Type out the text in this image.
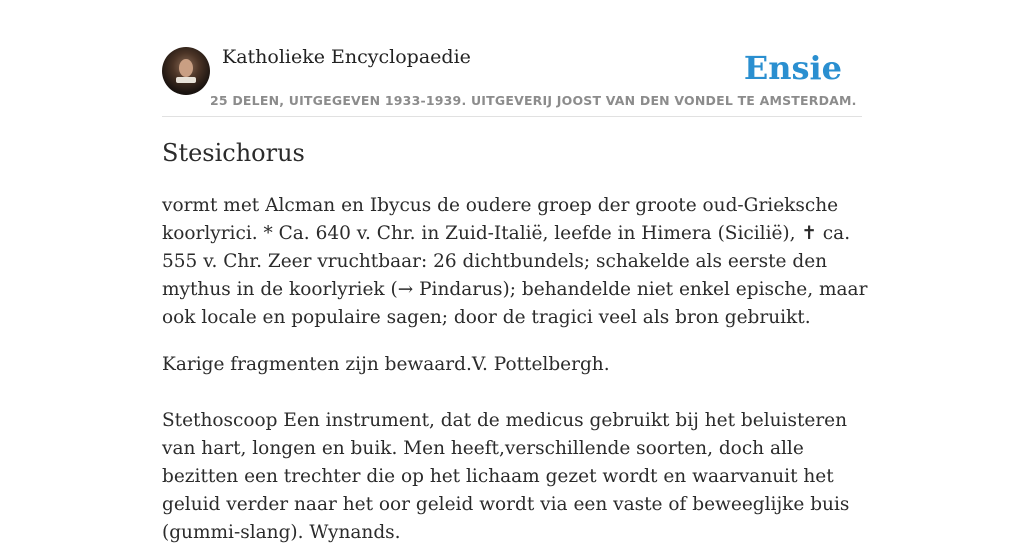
Katholieke Encyclopaedie	Ensie
25 DELEN, UITGEGEVEN 1933-1939. UITGEVERIJ JOOST VAN DEN VONDEL TE AMSTERDAM.
Stesichorus

vormt met Alcman en Ibycus de oudere groep der groote oud-Grieksche koorlyrici. * Ca. 640 v. Chr. in Zuid-Italië, leefde in Himera (Sicilië), ✝ ca. 555 v. Chr. Zeer vruchtbaar: 26 dichtbundels; schakelde als eerste den mythus in de koorlyriek (→ Pindarus); behandelde niet enkel epische, maar ook locale en populaire sagen; door de tragici veel als bron gebruikt.

Karige fragmenten zijn bewaard.V. Pottelbergh.

Stethoscoop Een instrument, dat de medicus gebruikt bij het beluisteren van hart, longen en buik. Men heeft,verschillende soorten, doch alle bezitten een trechter die op het lichaam gezet wordt en waarvanuit het geluid verder naar het oor geleid wordt via een vaste of beweeglijke buis (gummi-slang). Wynands.
